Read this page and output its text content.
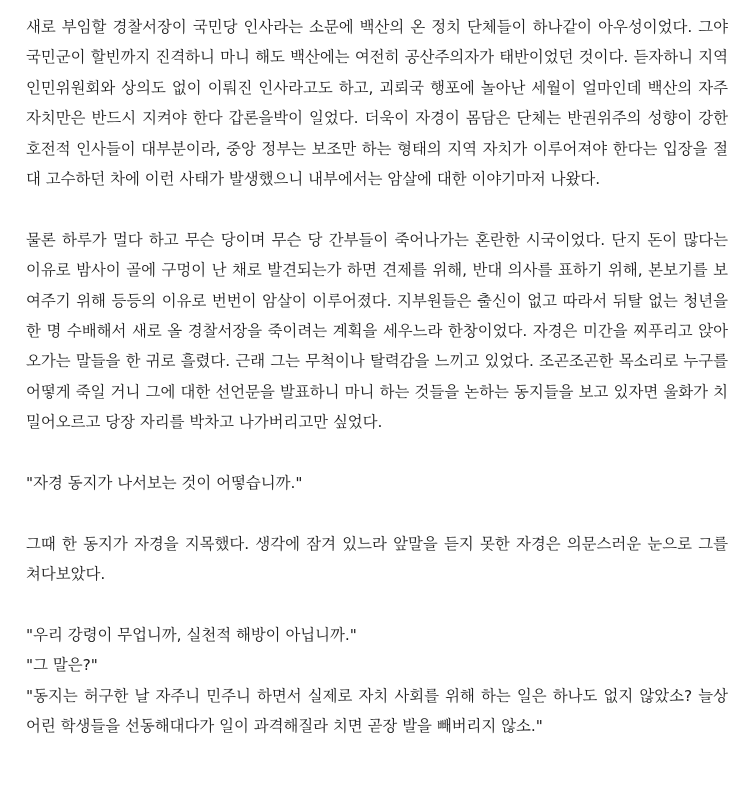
새로 부임할 경찰서장이 국민당 인사라는 소문에 백산의 온 정치 단체들이 하나같이 아우성이었다. 그야 국민군이 할빈까지 진격하니 마니 해도 백산에는 여전히 공산주의자가 태반이었던 것이다. 듣자하니 지역 인민위원회와 상의도 없이 이뤄진 인사라고도 하고, 괴뢰국 행포에 놀아난 세월이 얼마인데 백산의 자주자치만은 반드시 지켜야 한다 갑론을박이 일었다. 더욱이 자경이 몸담은 단체는 반권위주의 성향이 강한 호전적 인사들이 대부분이라, 중앙 정부는 보조만 하는 형태의 지역 자치가 이루어져야 한다는 입장을 절대 고수하던 차에 이런 사태가 발생했으니 내부에서는 암살에 대한 이야기마저 나왔다.

물론 하루가 멀다 하고 무슨 당이며 무슨 당 간부들이 죽어나가는 혼란한 시국이었다. 단지 돈이 많다는 이유로 밤사이 골에 구멍이 난 채로 발견되는가 하면 견제를 위해, 반대 의사를 표하기 위해, 본보기를 보여주기 위해 등등의 이유로 번번이 암살이 이루어졌다. 지부원들은 출신이 없고 따라서 뒤탈 없는 청년을 한 명 수배해서 새로 올 경찰서장을 죽이려는 계획을 세우느라 한창이었다. 자경은 미간을 찌푸리고 앉아 오가는 말들을 한 귀로 흘렸다. 근래 그는 무척이나 탈력감을 느끼고 있었다. 조곤조곤한 목소리로 누구를 어떻게 죽일 거니 그에 대한 선언문을 발표하니 마니 하는 것들을 논하는 동지들을 보고 있자면 울화가 치밀어오르고 당장 자리를 박차고 나가버리고만 싶었다.

"자경 동지가 나서보는 것이 어떻습니까."

그때 한 동지가 자경을 지목했다. 생각에 잠겨 있느라 앞말을 듣지 못한 자경은 의문스러운 눈으로 그를 쳐다보았다.

"우리 강령이 무업니까, 실천적 해방이 아닙니까."

"그 말은?"

"동지는 허구한 날 자주니 민주니 하면서 실제로 자치 사회를 위해 하는 일은 하나도 없지 않았소? 늘상 어린 학생들을 선동해대다가 일이 과격해질라 치면 곧장 발을 빼버리지 않소."
